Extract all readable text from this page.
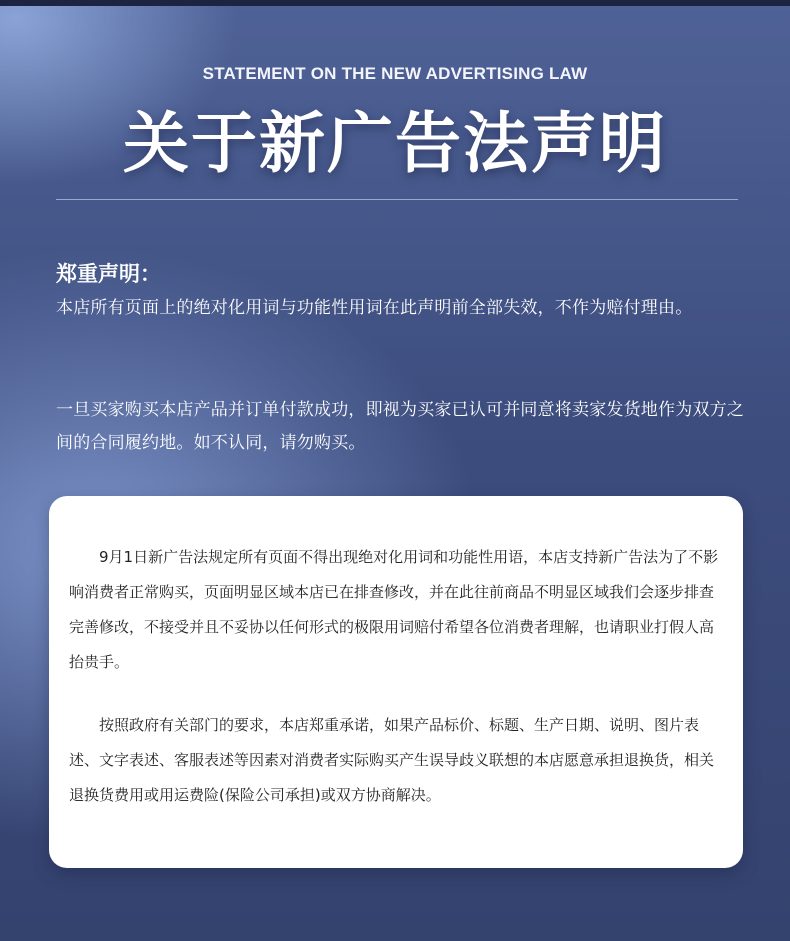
STATEMENT ON THE NEW ADVERTISING LAW
关于新广告法声明
郑重声明：
本店所有页面上的绝对化用词与功能性用词在此声明前全部失效，不作为赔付理由。
一旦买家购买本店产品并订单付款成功，即视为买家已认可并同意将卖家发货地作为双方之间的合同履约地。如不认同，请勿购买。
9月1日新广告法规定所有页面不得出现绝对化用词和功能性用语，本店支持新广告法为了不影响消费者正常购买，页面明显区域本店已在排查修改，并在此往前商品不明显区域我们会逐步排查完善修改，不接受并且不妥协以任何形式的极限用词赔付希望各位消费者理解，也请职业打假人高抬贵手。
按照政府有关部门的要求，本店郑重承诺，如果产品标价、标题、生产日期、说明、图片表述、文字表述、客服表述等因素对消费者实际购买产生误导歧义联想的本店愿意承担退换货，相关退换货费用或用运费险(保险公司承担)或双方协商解决。
